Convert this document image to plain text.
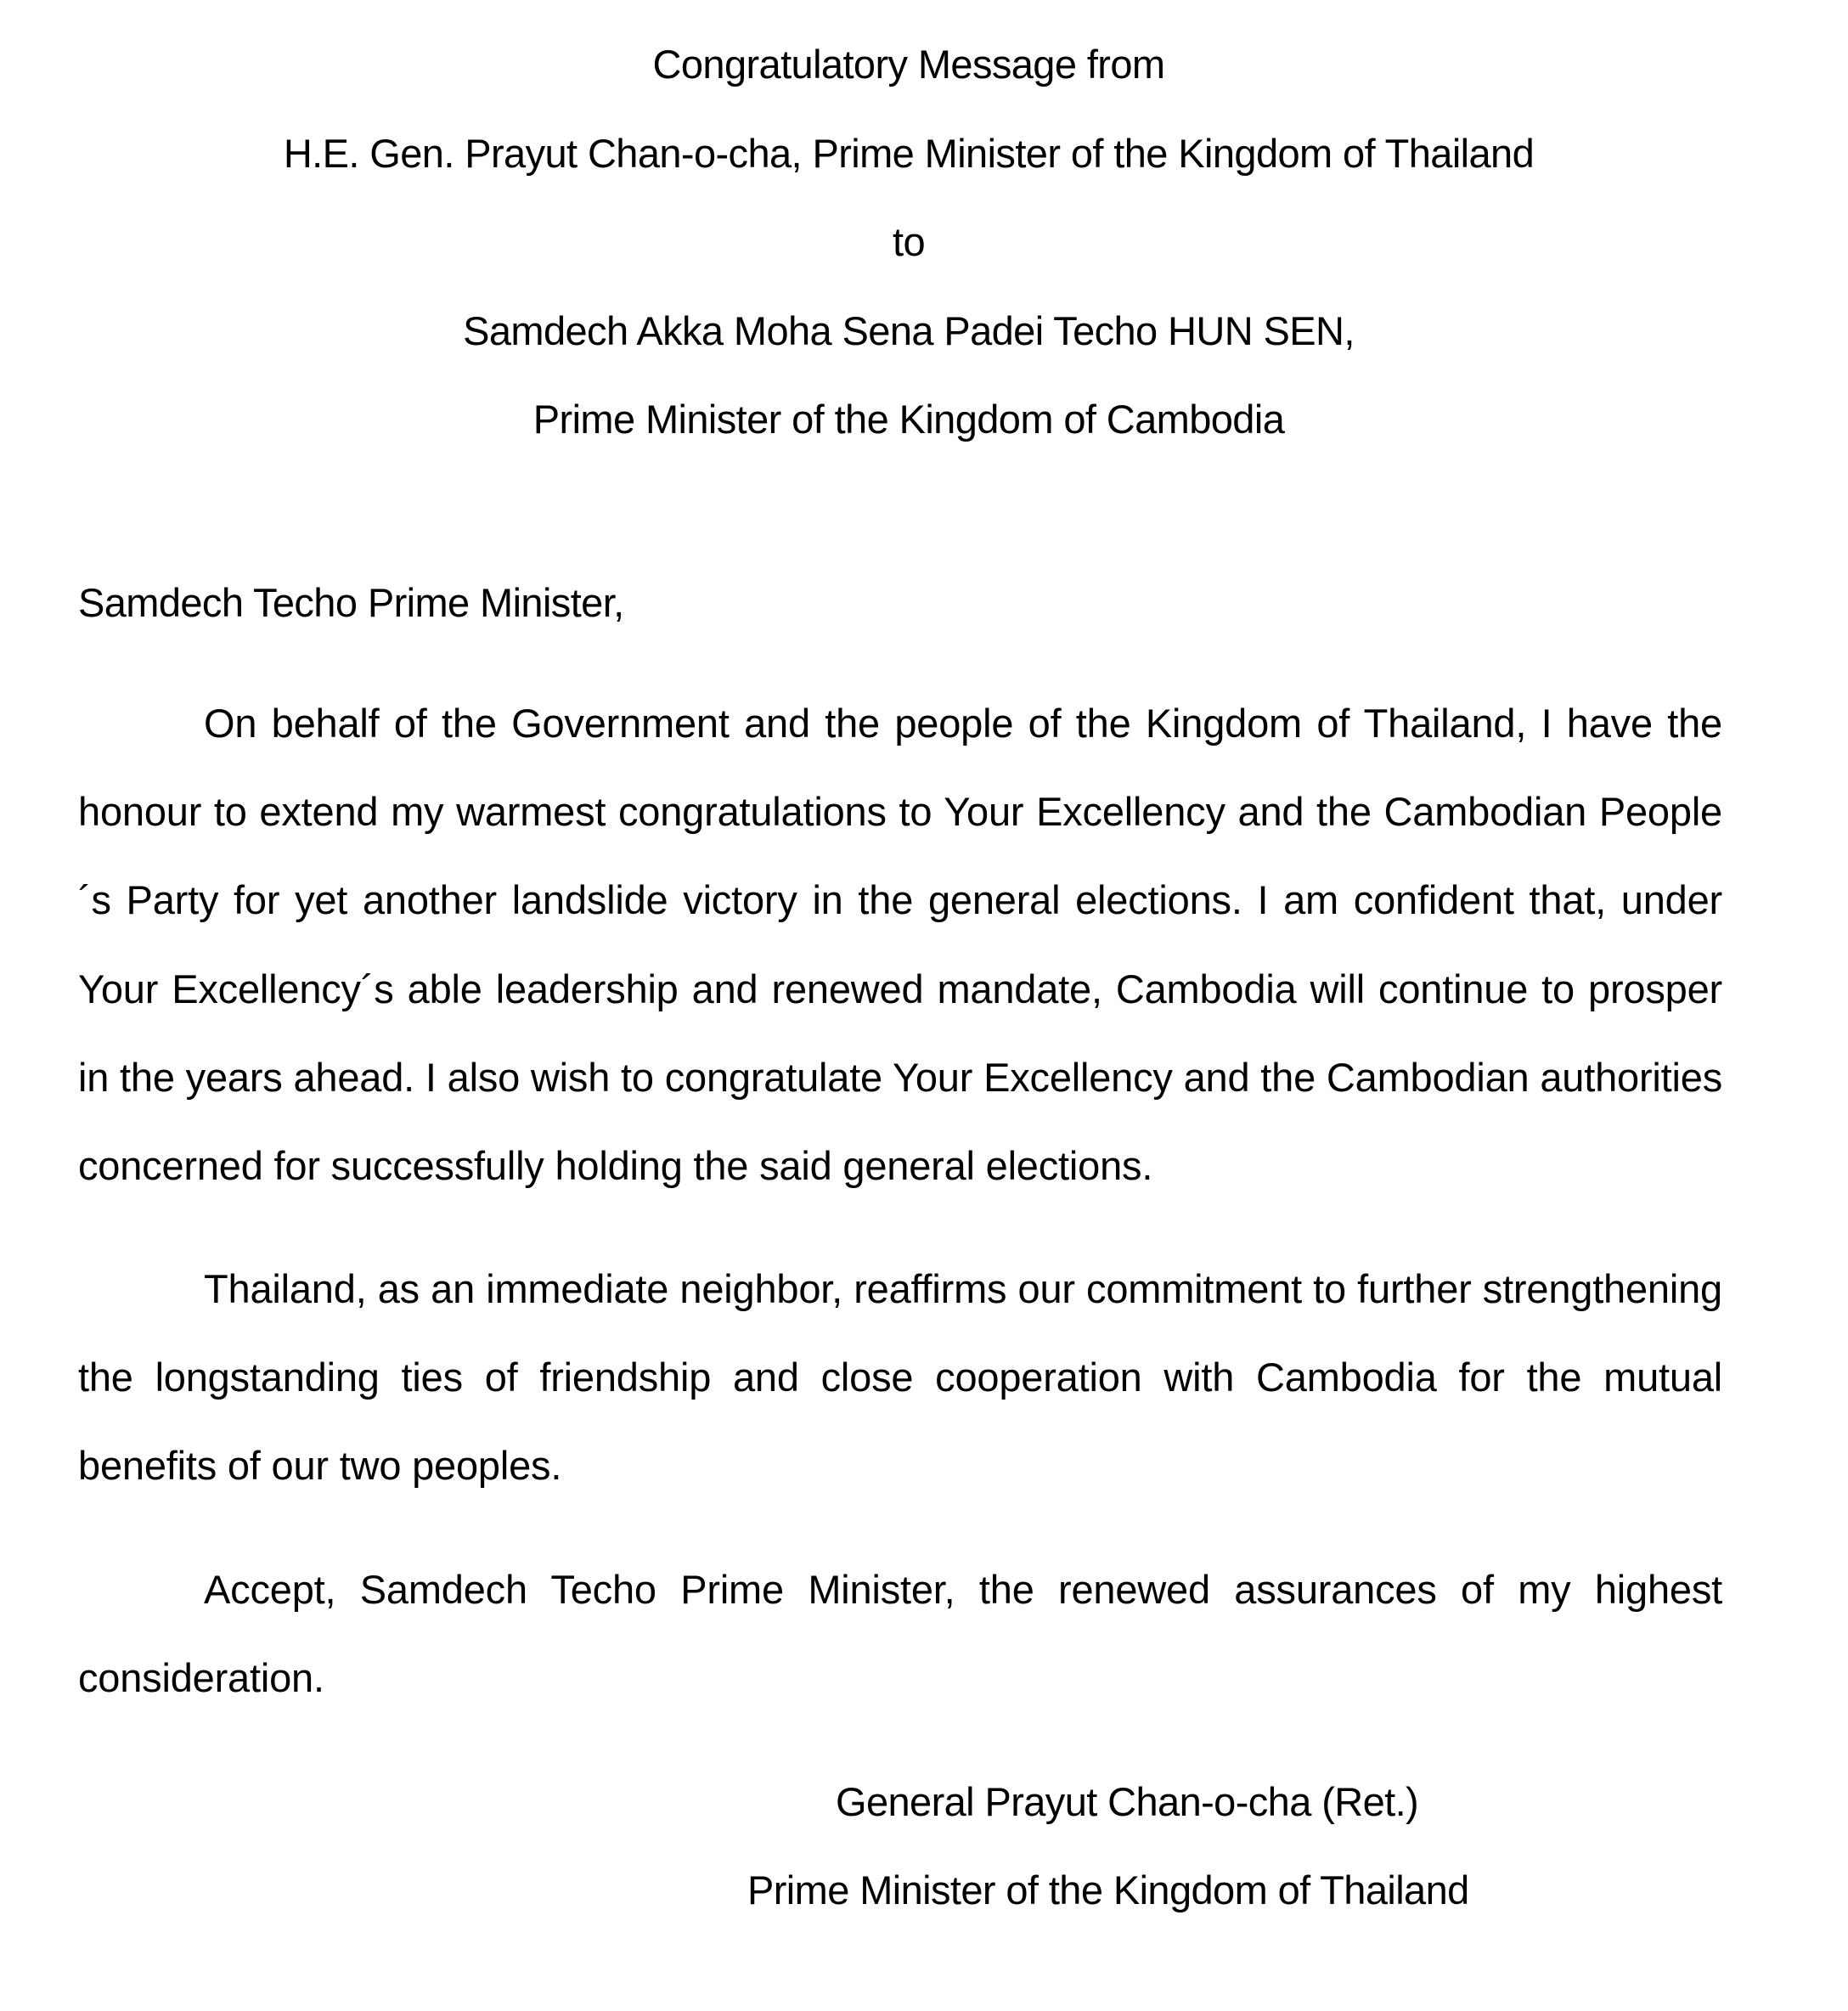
Congratulatory Message from
H.E. Gen. Prayut Chan-o-cha, Prime Minister of the Kingdom of Thailand
to
Samdech Akka Moha Sena Padei Techo HUN SEN,
Prime Minister of the Kingdom of Cambodia
Samdech Techo Prime Minister,
On behalf of the Government and the people of the Kingdom of Thailand, I have the honour to extend my warmest congratulations to Your Excellency and the Cambodian People´s Party for yet another landslide victory in the general elections. I am confident that, under Your Excellency´s able leadership and renewed mandate, Cambodia will continue to prosper in the years ahead. I also wish to congratulate Your Excellency and the Cambodian authorities concerned for successfully holding the said general elections.
Thailand, as an immediate neighbor, reaffirms our commitment to further strengthening the longstanding ties of friendship and close cooperation with Cambodia for the mutual benefits of our two peoples.
Accept, Samdech Techo Prime Minister, the renewed assurances of my highest consideration.
General Prayut Chan-o-cha (Ret.)
Prime Minister of the Kingdom of Thailand
